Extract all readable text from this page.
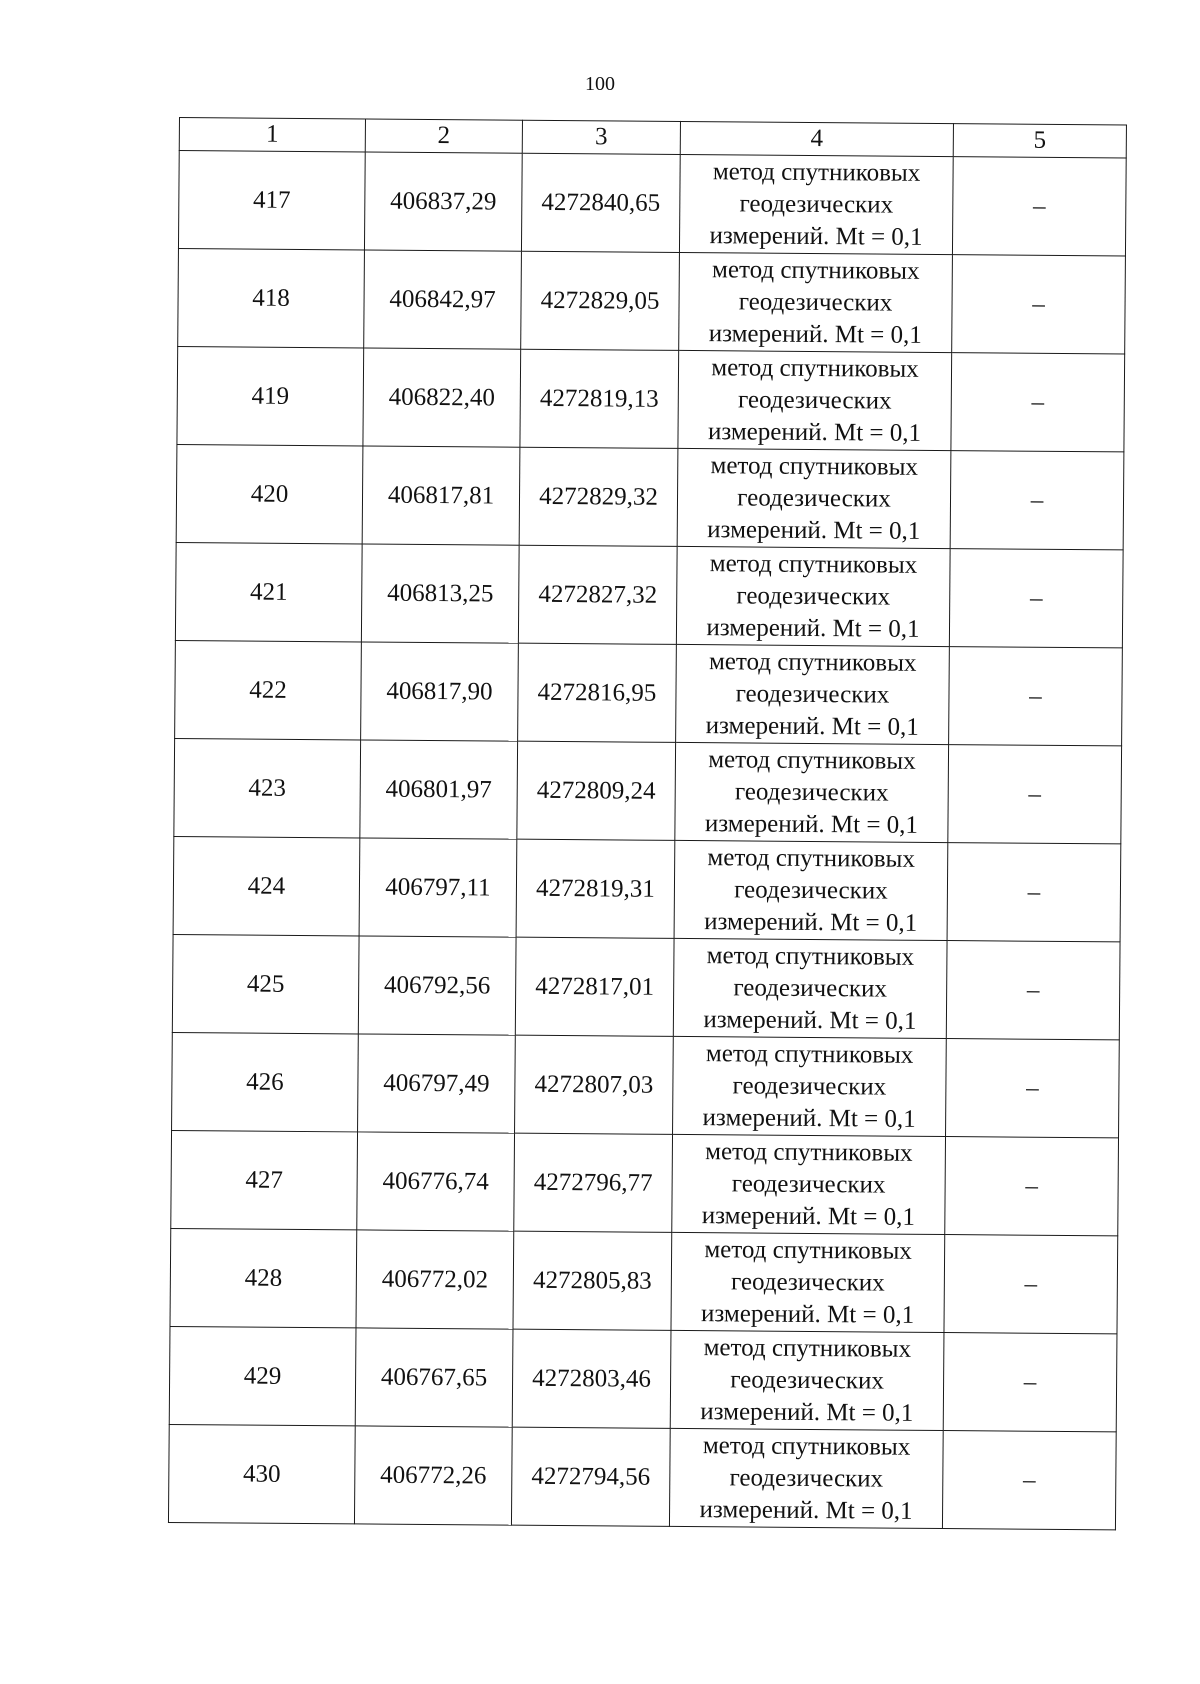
100
1	2	3	4	5
417	406837,29	4272840,65	метод спутниковых
геодезических
измерений. Mt = 0,1	–
418	406842,97	4272829,05	метод спутниковых
геодезических
измерений. Mt = 0,1	–
419	406822,40	4272819,13	метод спутниковых
геодезических
измерений. Mt = 0,1	–
420	406817,81	4272829,32	метод спутниковых
геодезических
измерений. Mt = 0,1	–
421	406813,25	4272827,32	метод спутниковых
геодезических
измерений. Mt = 0,1	–
422	406817,90	4272816,95	метод спутниковых
геодезических
измерений. Mt = 0,1	–
423	406801,97	4272809,24	метод спутниковых
геодезических
измерений. Mt = 0,1	–
424	406797,11	4272819,31	метод спутниковых
геодезических
измерений. Mt = 0,1	–
425	406792,56	4272817,01	метод спутниковых
геодезических
измерений. Mt = 0,1	–
426	406797,49	4272807,03	метод спутниковых
геодезических
измерений. Mt = 0,1	–
427	406776,74	4272796,77	метод спутниковых
геодезических
измерений. Mt = 0,1	–
428	406772,02	4272805,83	метод спутниковых
геодезических
измерений. Mt = 0,1	–
429	406767,65	4272803,46	метод спутниковых
геодезических
измерений. Mt = 0,1	–
430	406772,26	4272794,56	метод спутниковых
геодезических
измерений. Mt = 0,1	–
